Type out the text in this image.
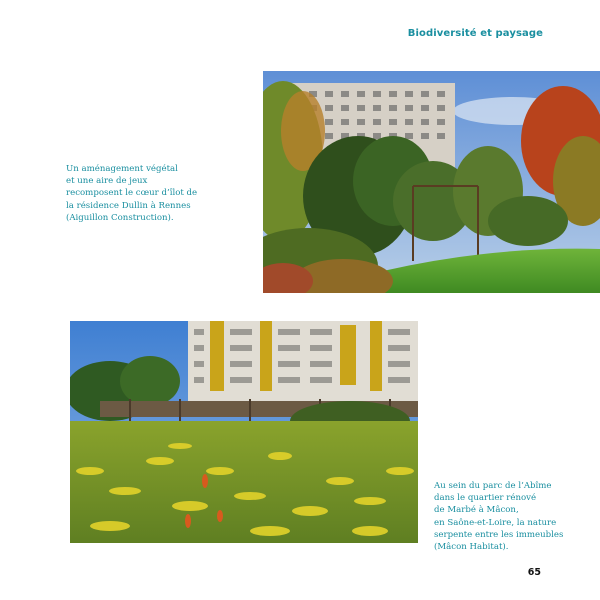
Biodiversité et paysage
Un aménagement végétal
et une aire de jeux
recomposent le cœur d’îlot de
la résidence Dullin à Rennes
(Aiguillon Construction).
Au sein du parc de l’Abîme
dans le quartier rénové
de Marbé à Mâcon,
en Saône-et-Loire, la nature
serpente entre les immeubles
(Mâcon Habitat).
65
